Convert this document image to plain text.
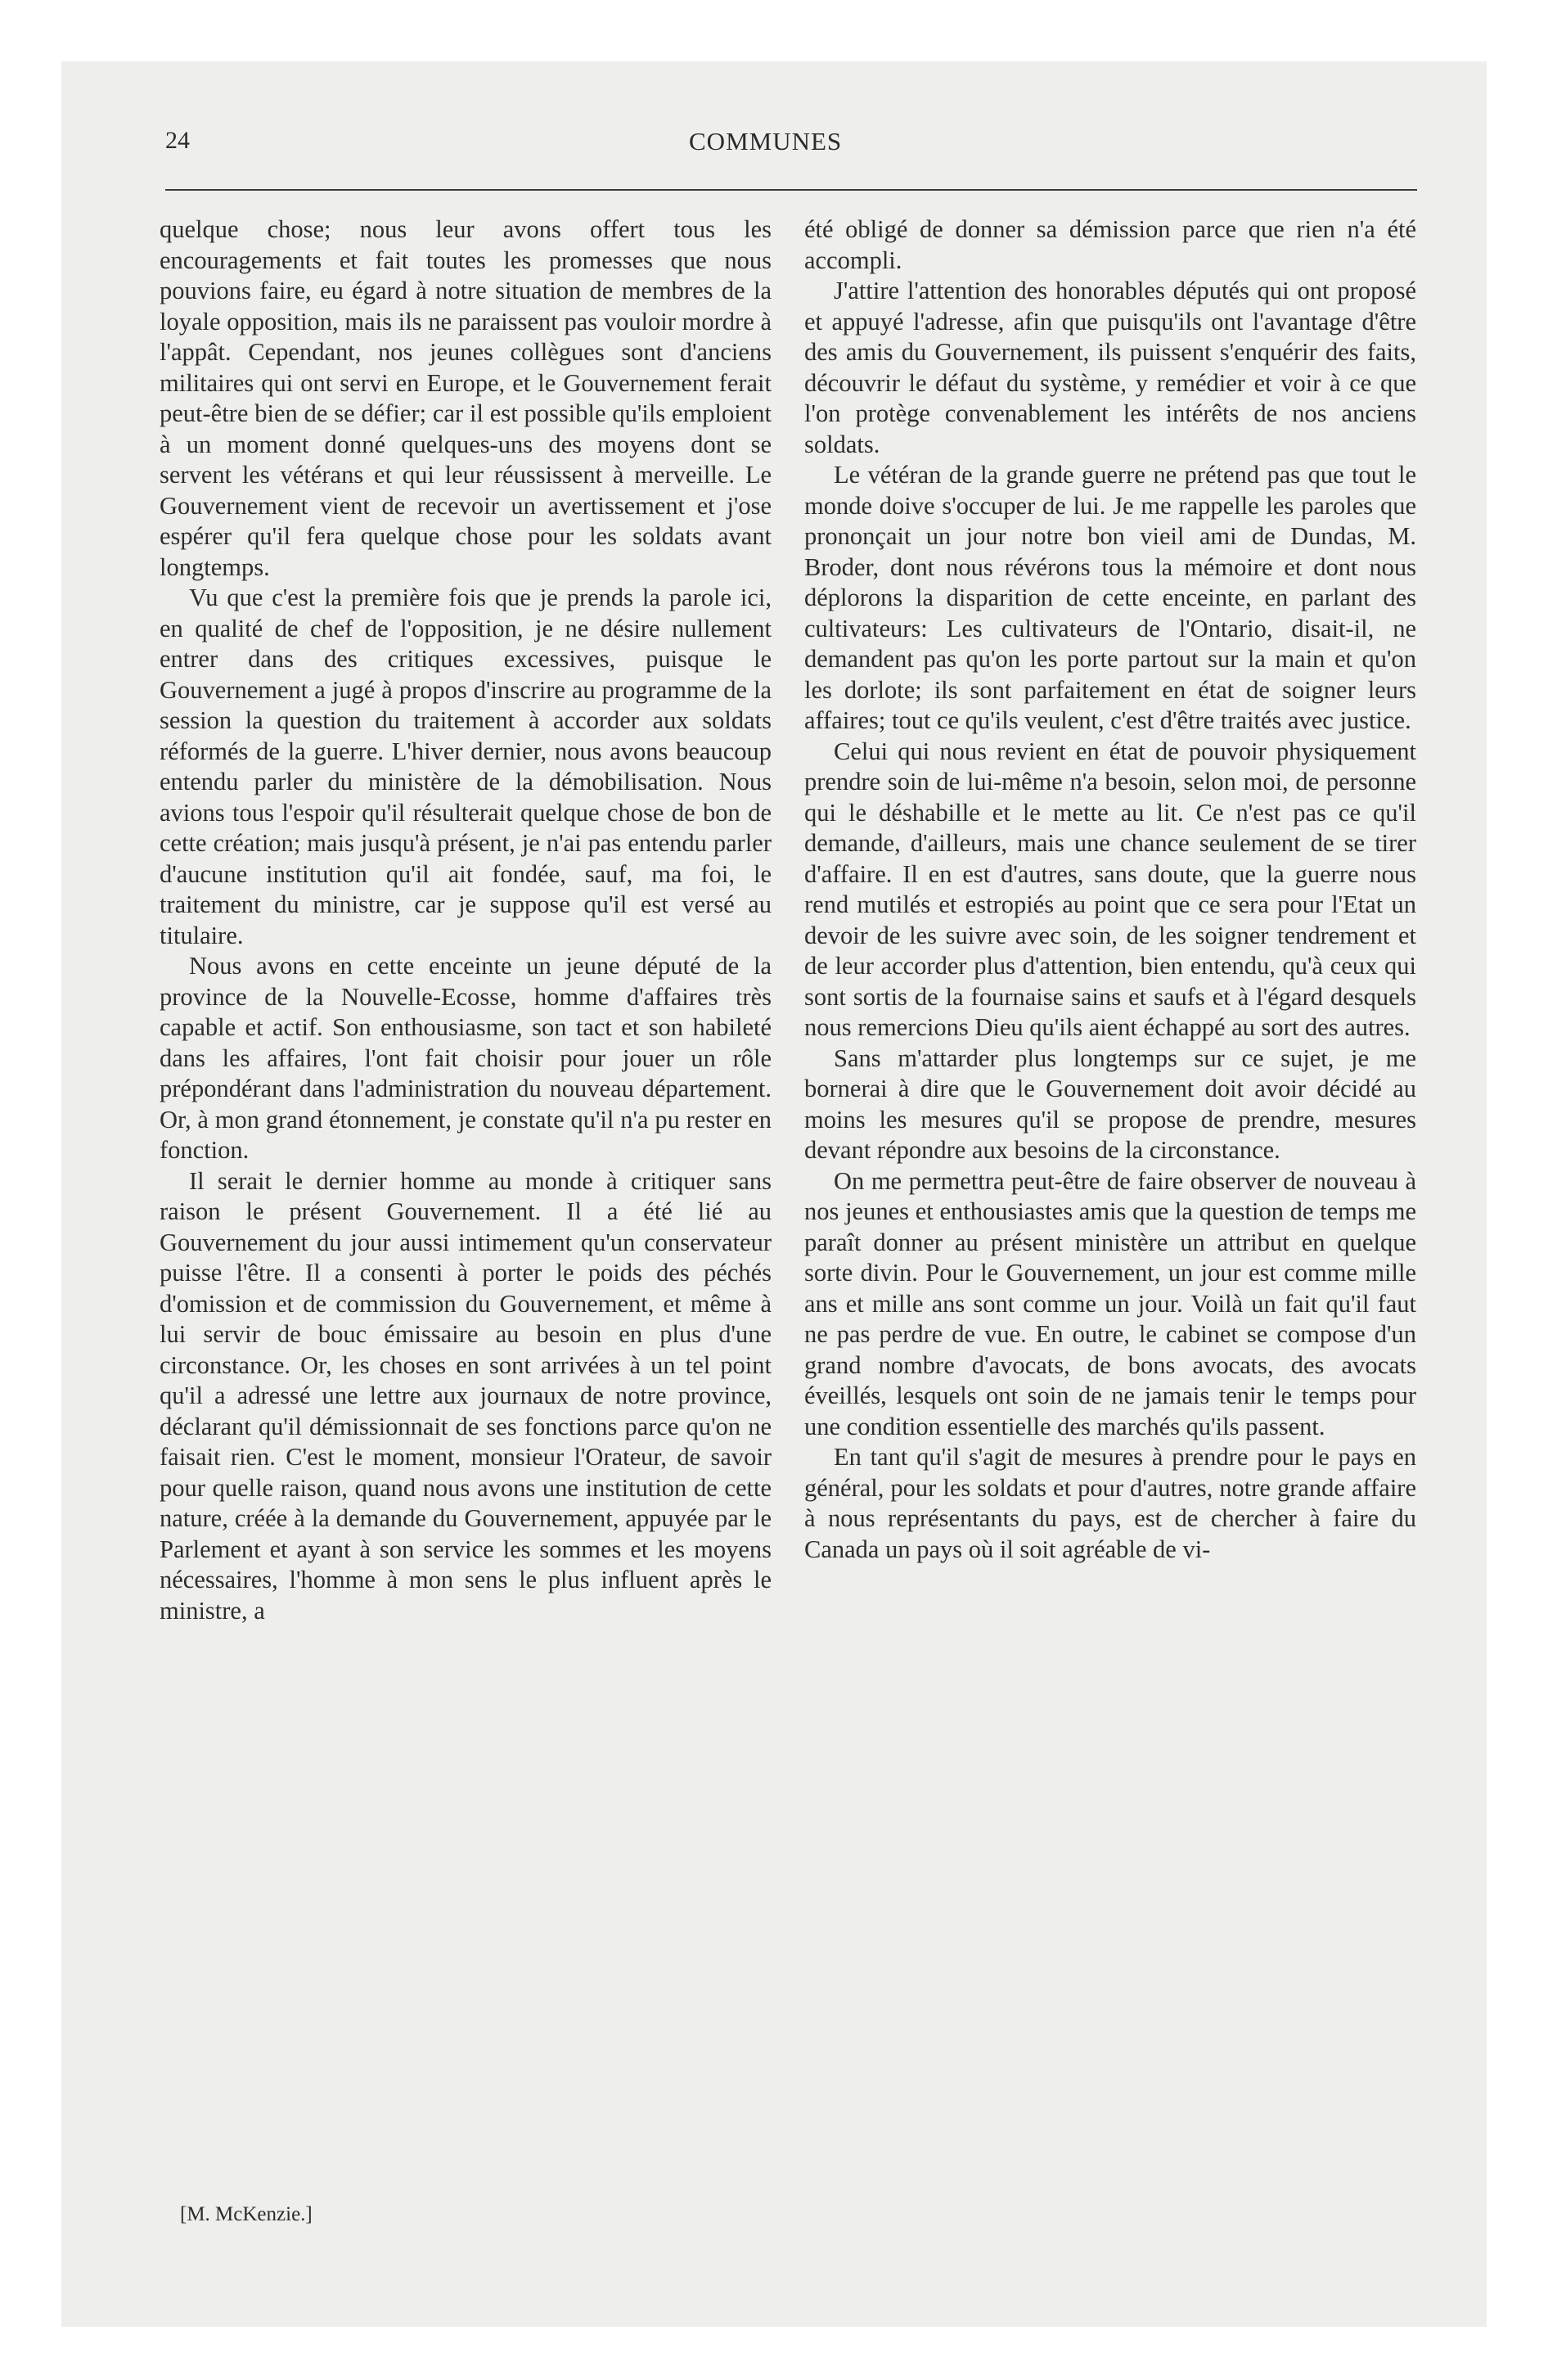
24	COMMUNES

quelque chose; nous leur avons offert tous les encouragements et fait toutes les promesses que nous pouvions faire, eu égard à notre situation de membres de la loyale opposition, mais ils ne paraissent pas vouloir mordre à l'appât. Cependant, nos jeunes collègues sont d'anciens militaires qui ont servi en Europe, et le Gouvernement ferait peut-être bien de se défier; car il est possible qu'ils emploient à un moment donné quelques-uns des moyens dont se servent les vétérans et qui leur réussissent à merveille. Le Gouvernement vient de recevoir un avertissement et j'ose espérer qu'il fera quelque chose pour les soldats avant longtemps.

Vu que c'est la première fois que je prends la parole ici, en qualité de chef de l'opposition, je ne désire nullement entrer dans des critiques excessives, puisque le Gouvernement a jugé à propos d'inscrire au programme de la session la question du traitement à accorder aux soldats réformés de la guerre. L'hiver dernier, nous avons beaucoup entendu parler du ministère de la démobilisation. Nous avions tous l'espoir qu'il résulterait quelque chose de bon de cette création; mais jusqu'à présent, je n'ai pas entendu parler d'aucune institution qu'il ait fondée, sauf, ma foi, le traitement du ministre, car je suppose qu'il est versé au titulaire.

Nous avons en cette enceinte un jeune député de la province de la Nouvelle-Ecosse, homme d'affaires très capable et actif. Son enthousiasme, son tact et son habileté dans les affaires, l'ont fait choisir pour jouer un rôle prépondérant dans l'administration du nouveau département. Or, à mon grand étonnement, je constate qu'il n'a pu rester en fonction.

Il serait le dernier homme au monde à critiquer sans raison le présent Gouvernement. Il a été lié au Gouvernement du jour aussi intimement qu'un conservateur puisse l'être. Il a consenti à porter le poids des péchés d'omission et de commission du Gouvernement, et même à lui servir de bouc émissaire au besoin en plus d'une circonstance. Or, les choses en sont arrivées à un tel point qu'il a adressé une lettre aux journaux de notre province, déclarant qu'il démissionnait de ses fonctions parce qu'on ne faisait rien. C'est le moment, monsieur l'Orateur, de savoir pour quelle raison, quand nous avons une institution de cette nature, créée à la demande du Gouvernement, appuyée par le Parlement et ayant à son service les sommes et les moyens nécessaires, l'homme à mon sens le plus influent après le ministre, a

[M. McKenzie.]

été obligé de donner sa démission parce que rien n'a été accompli.

J'attire l'attention des honorables députés qui ont proposé et appuyé l'adresse, afin que puisqu'ils ont l'avantage d'être des amis du Gouvernement, ils puissent s'enquérir des faits, découvrir le défaut du système, y remédier et voir à ce que l'on protège convenablement les intérêts de nos anciens soldats.

Le vétéran de la grande guerre ne prétend pas que tout le monde doive s'occuper de lui. Je me rappelle les paroles que prononçait un jour notre bon vieil ami de Dundas, M. Broder, dont nous révérons tous la mémoire et dont nous déplorons la disparition de cette enceinte, en parlant des cultivateurs: Les cultivateurs de l'Ontario, disait-il, ne demandent pas qu'on les porte partout sur la main et qu'on les dorlote; ils sont parfaitement en état de soigner leurs affaires; tout ce qu'ils veulent, c'est d'être traités avec justice.

Celui qui nous revient en état de pouvoir physiquement prendre soin de lui-même n'a besoin, selon moi, de personne qui le déshabille et le mette au lit. Ce n'est pas ce qu'il demande, d'ailleurs, mais une chance seulement de se tirer d'affaire. Il en est d'autres, sans doute, que la guerre nous rend mutilés et estropiés au point que ce sera pour l'Etat un devoir de les suivre avec soin, de les soigner tendrement et de leur accorder plus d'attention, bien entendu, qu'à ceux qui sont sortis de la fournaise sains et saufs et à l'égard desquels nous remercions Dieu qu'ils aient échappé au sort des autres.

Sans m'attarder plus longtemps sur ce sujet, je me bornerai à dire que le Gouvernement doit avoir décidé au moins les mesures qu'il se propose de prendre, mesures devant répondre aux besoins de la circonstance.

On me permettra peut-être de faire observer de nouveau à nos jeunes et enthousiastes amis que la question de temps me paraît donner au présent ministère un attribut en quelque sorte divin. Pour le Gouvernement, un jour est comme mille ans et mille ans sont comme un jour. Voilà un fait qu'il faut ne pas perdre de vue. En outre, le cabinet se compose d'un grand nombre d'avocats, de bons avocats, des avocats éveillés, lesquels ont soin de ne jamais tenir le temps pour une condition essentielle des marchés qu'ils passent.

En tant qu'il s'agit de mesures à prendre pour le pays en général, pour les soldats et pour d'autres, notre grande affaire à nous représentants du pays, est de chercher à faire du Canada un pays où il soit agréable de vi-
